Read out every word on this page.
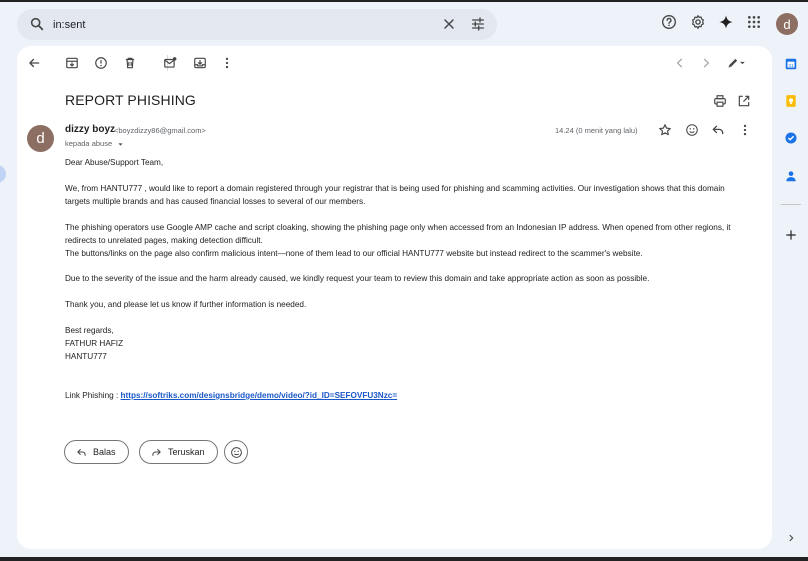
in:sent
d
REPORT PHISHING
d
dizzy boyz
<boyzdizzy86@gmail.com>
kepada abuse
14.24 (0 menit yang lalu)

Dear Abuse/Support Team,

We, from HANTU777 , would like to report a domain registered through your registrar that is being used for phishing and scamming activities. Our investigation shows that this domain targets multiple brands and has caused financial losses to several of our members.

The phishing operators use Google AMP cache and script cloaking, showing the phishing page only when accessed from an Indonesian IP address. When opened from other regions, it redirects to unrelated pages, making detection difficult.
The buttons/links on the page also confirm malicious intent—none of them lead to our official HANTU777 website but instead redirect to the scammer's website.

Due to the severity of the issue and the harm already caused, we kindly request your team to review this domain and take appropriate action as soon as possible.

Thank you, and please let us know if further information is needed.

Best regards,
FATHUR HAFIZ
HANTU777

Link Phishing : https://softriks.com/designsbridge/demo/video/?id_ID=SEFOVFU3Nzc=

Balas	Teruskan
31
